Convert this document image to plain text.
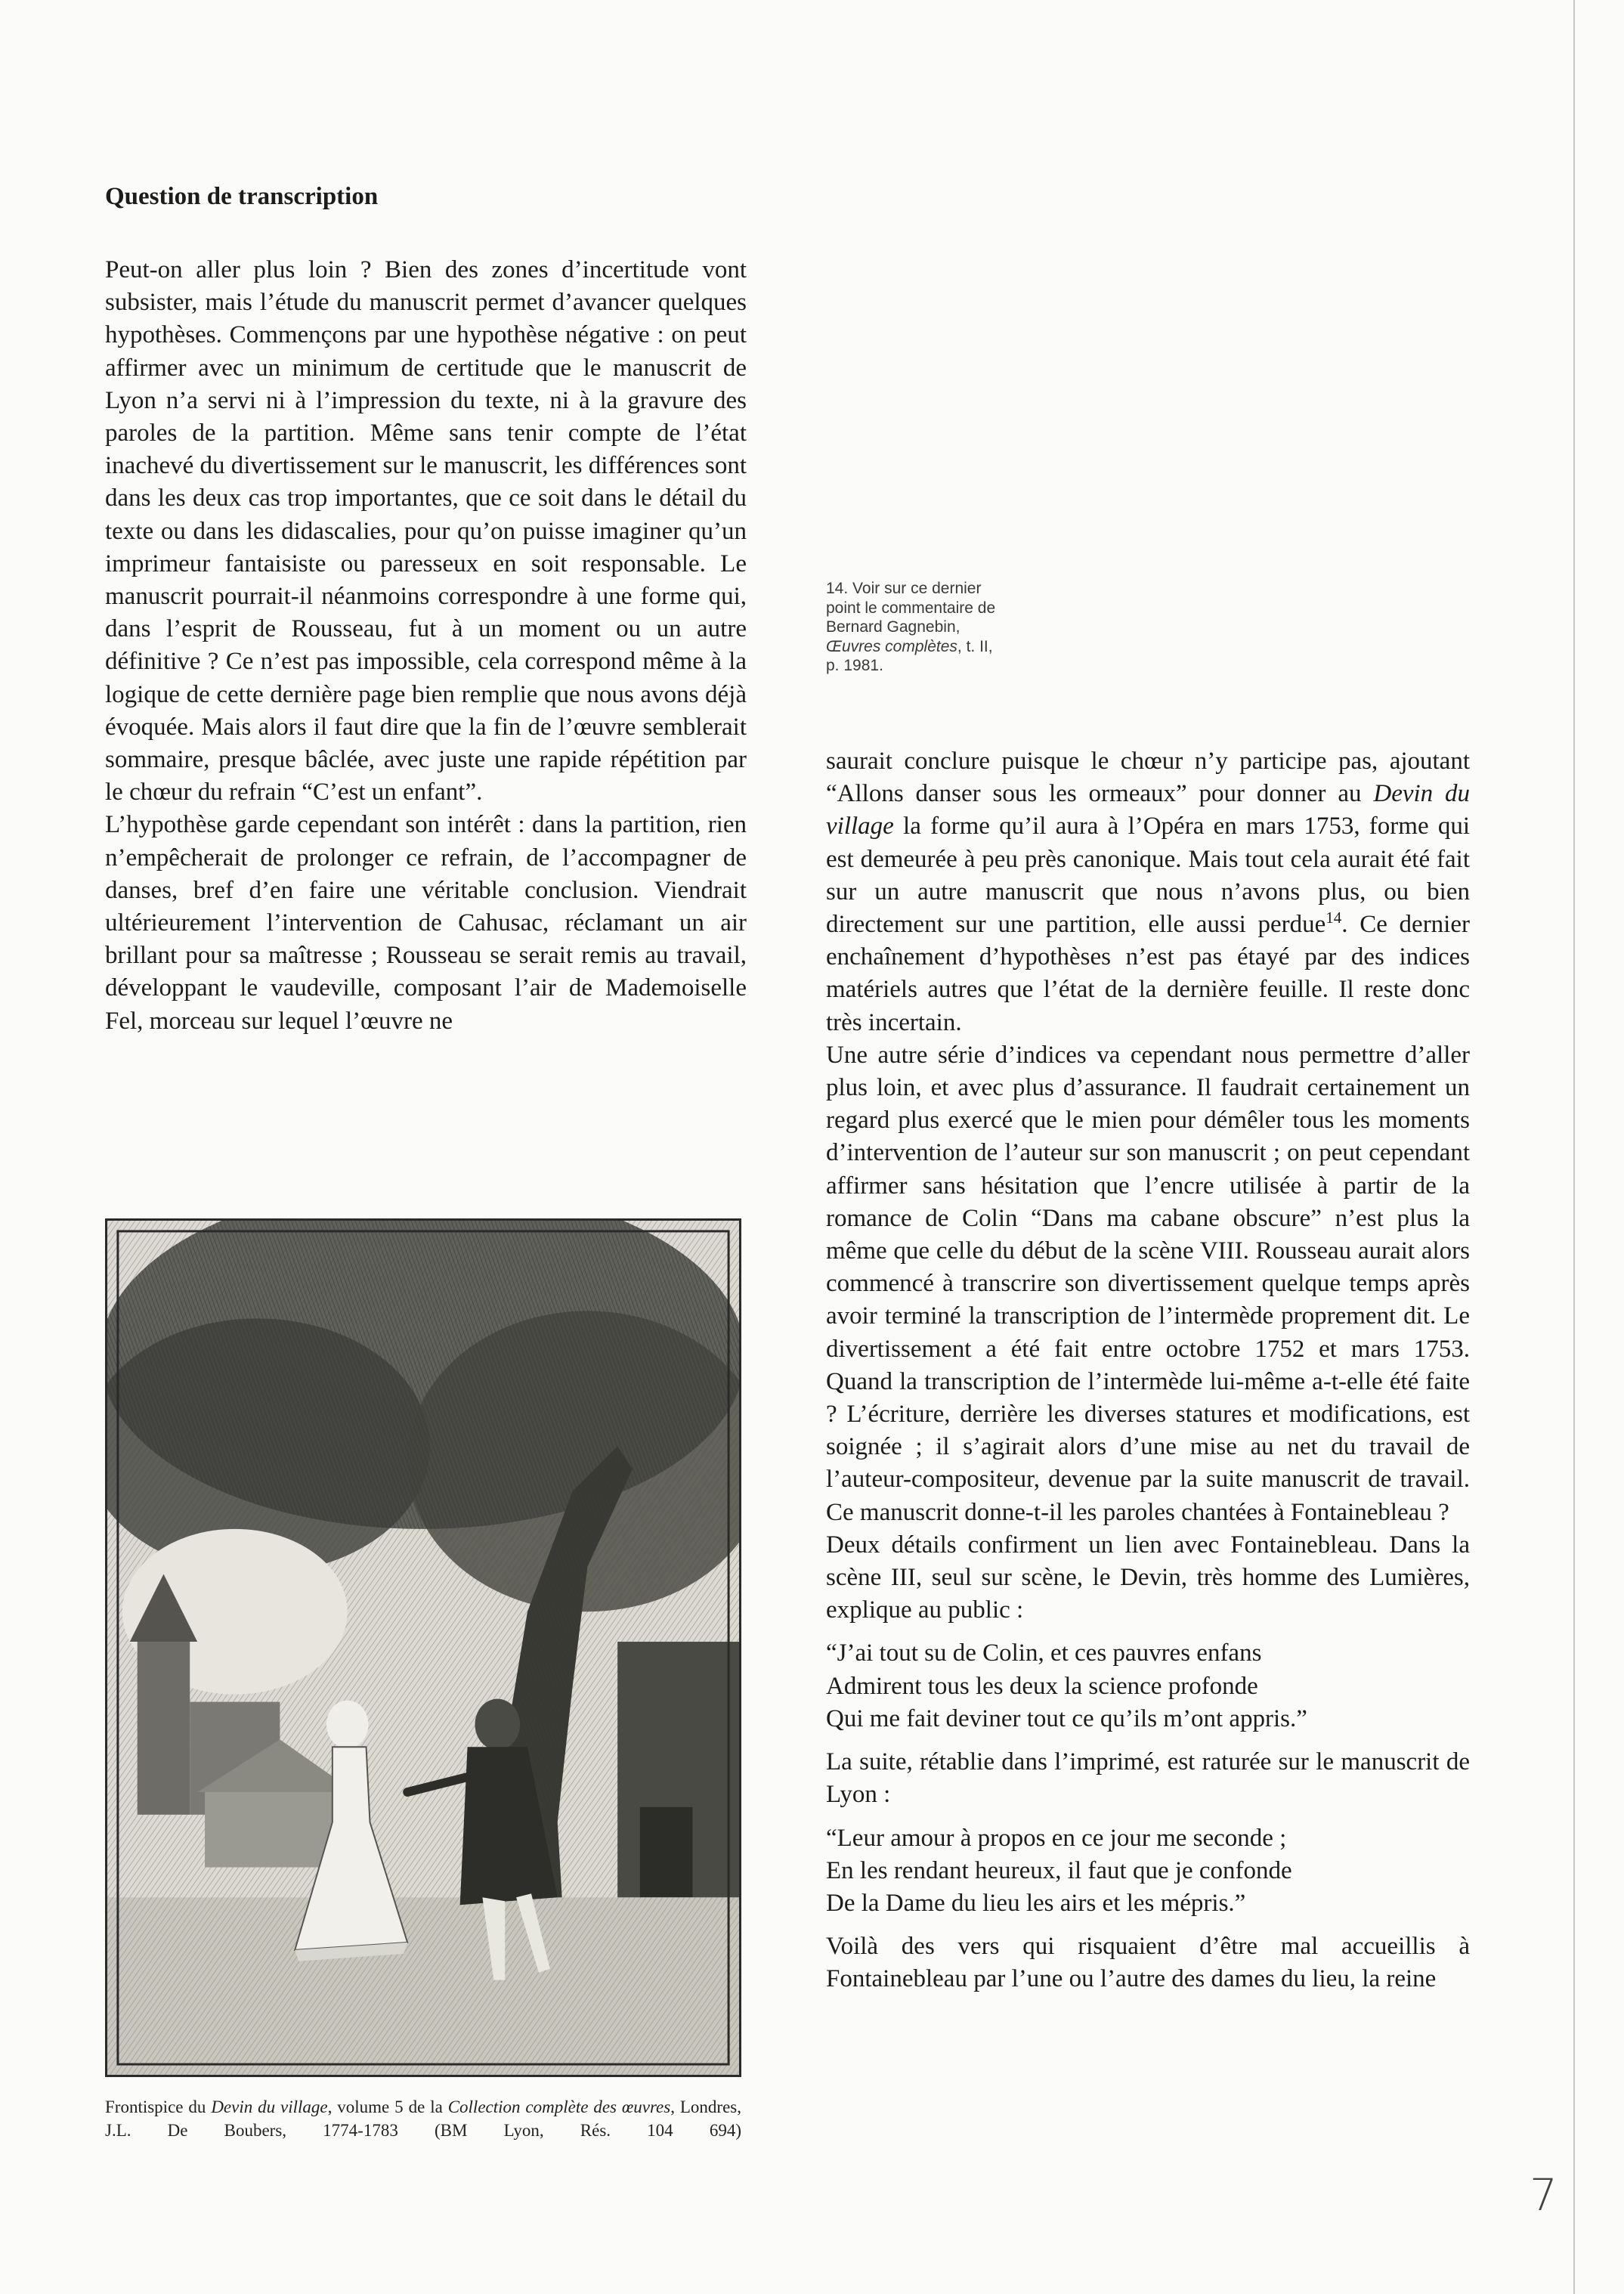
Question de transcription

Peut-on aller plus loin ? Bien des zones d’incertitude vont subsister, mais l’étude du manuscrit permet d’avancer quelques hypothèses. Commençons par une hypothèse négative : on peut affirmer avec un minimum de certitude que le manuscrit de Lyon n’a servi ni à l’impression du texte, ni à la gravure des paroles de la partition. Même sans tenir compte de l’état inachevé du divertissement sur le manuscrit, les différences sont dans les deux cas trop importantes, que ce soit dans le détail du texte ou dans les didascalies, pour qu’on puisse imaginer qu’un imprimeur fantaisiste ou paresseux en soit responsable. Le manuscrit pourrait-il néanmoins correspondre à une forme qui, dans l’esprit de Rousseau, fut à un moment ou un autre définitive ? Ce n’est pas impossible, cela correspond même à la logique de cette dernière page bien remplie que nous avons déjà évoquée. Mais alors il faut dire que la fin de l’œuvre semblerait sommaire, presque bâclée, avec juste une rapide répétition par le chœur du refrain “C’est un enfant”.

L’hypothèse garde cependant son intérêt : dans la partition, rien n’empêcherait de prolonger ce refrain, de l’accompagner de danses, bref d’en faire une véritable conclusion. Viendrait ultérieurement l’intervention de Cahusac, réclamant un air brillant pour sa maîtresse ; Rousseau se serait remis au travail, développant le vaudeville, composant l’air de Mademoiselle Fel, morceau sur lequel l’œuvre ne

14. Voir sur ce dernier point le commentaire de Bernard Gagnebin, Œuvres complètes, t. II, p. 1981.

saurait conclure puisque le chœur n’y participe pas, ajoutant “Allons danser sous les ormeaux” pour donner au Devin du village la forme qu’il aura à l’Opéra en mars 1753, forme qui est demeurée à peu près canonique. Mais tout cela aurait été fait sur un autre manuscrit que nous n’avons plus, ou bien directement sur une partition, elle aussi perdue$^{14}$. Ce dernier enchaînement d’hypothèses n’est pas étayé par des indices matériels autres que l’état de la dernière feuille. Il reste donc très incertain.

Une autre série d’indices va cependant nous permettre d’aller plus loin, et avec plus d’assurance. Il faudrait certainement un regard plus exercé que le mien pour démêler tous les moments d’intervention de l’auteur sur son manuscrit ; on peut cependant affirmer sans hésitation que l’encre utilisée à partir de la romance de Colin “Dans ma cabane obscure” n’est plus la même que celle du début de la scène VIII. Rousseau aurait alors commencé à transcrire son divertissement quelque temps après avoir terminé la transcription de l’intermède proprement dit. Le divertissement a été fait entre octobre 1752 et mars 1753. Quand la transcription de l’intermède lui-même a-t-elle été faite ? L’écriture, derrière les diverses statures et modifications, est soignée ; il s’agirait alors d’une mise au net du travail de l’auteur-compositeur, devenue par la suite manuscrit de travail. Ce manuscrit donne-t-il les paroles chantées à Fontainebleau ?

Deux détails confirment un lien avec Fontainebleau. Dans la scène III, seul sur scène, le Devin, très homme des Lumières, explique au public :

“J’ai tout su de Colin, et ces pauvres enfans
Admirent tous les deux la science profonde
Qui me fait deviner tout ce qu’ils m’ont appris.”

La suite, rétablie dans l’imprimé, est raturée sur le manuscrit de Lyon :

“Leur amour à propos en ce jour me seconde ;
En les rendant heureux, il faut que je confonde
De la Dame du lieu les airs et les mépris.”

Voilà des vers qui risquaient d’être mal accueillis à Fontainebleau par l’une ou l’autre des dames du lieu, la reine

Frontispice du Devin du village, volume 5 de la Collection complète des œuvres, Londres, J.L. De Boubers, 1774-1783 (BM Lyon, Rés. 104 694)

7
